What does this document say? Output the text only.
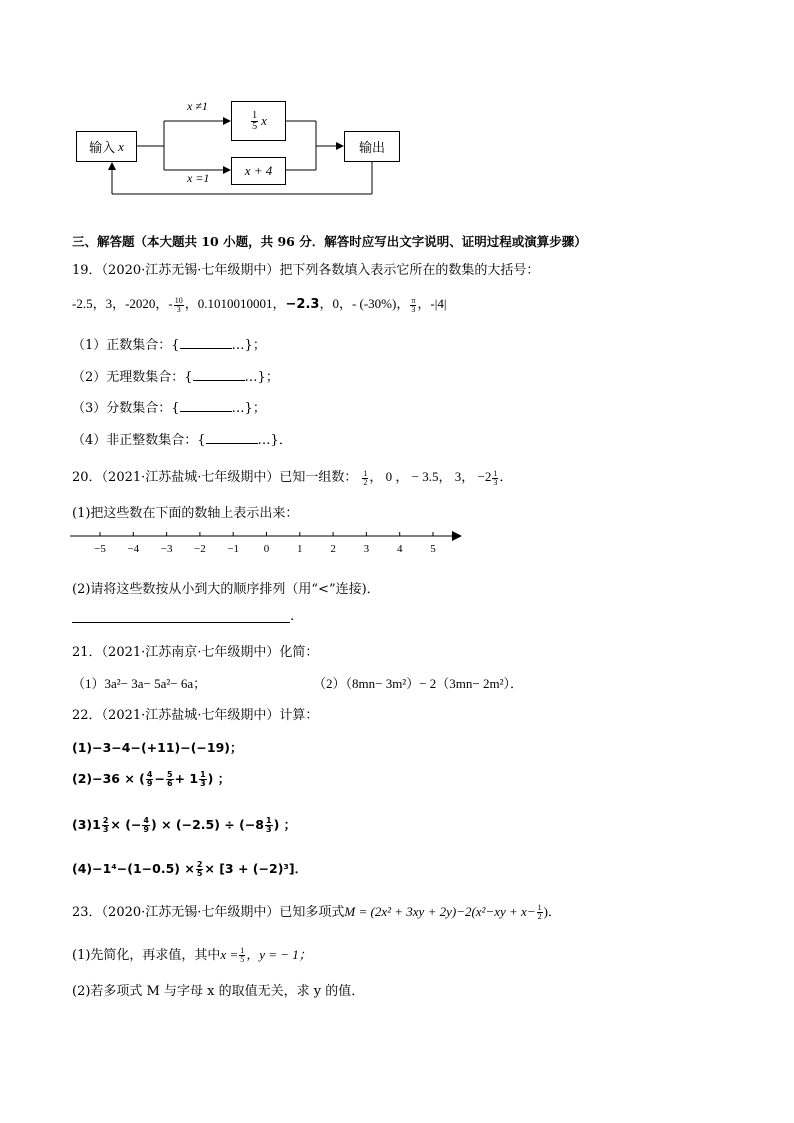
输入 x
x ≠1
x =1
$\frac{1}{5}$ x
x + 4
输出
三、解答题（本大题共 10 小题，共 96 分．解答时应写出文字说明、证明过程或演算步骤）
19．（2020·江苏无锡·七年级期中）把下列各数填入表示它所在的数集的大括号：
-2.5，3，-2020，- $\frac{10}{3}$ ，0.1010010001，−2.3，0，- (-30%)， $\frac{\pi}{3}$ ，-|4|
（1）正数集合：{	…}；
（2）无理数集合：{	…}；
（3）分数集合：{	…}；
（4）非正整数集合：{	…}．
20．（2021·江苏盐城·七年级期中）已知一组数： $\frac{1}{2}$ ， 0 ， − 3.5， 3， $-2 \frac{1}{3}$ ．
(1)把这些数在下面的数轴上表示出来：
−5 −4 −3 −2 −1 0	1	2	3	4	5
(2)请将这些数按从小到大的顺序排列（用“<”连接)．
.
21．（2021·江苏南京·七年级期中）化简：
（1）3a²− 3a− 5a²− 6a；	（2）（8mn− 3m²）− 2（3mn− 2m²）．
22．（2021·江苏盐城·七年级期中）计算：
(1)−3−4−(+11)−(−19)；
(2)−36 × ( $\frac{4}{9} - \frac{5}{6} + 1 \frac{1}{3}$ ) ；
$(3)1 \frac{2}{3}$ × (− $\frac{4}{9}$ ) × $(-2.5) \div (-8 \frac{1}{3}$ ) ；
$(4)-1^4-(1-0.5) \times \frac{2}{5} \times [3 + (-2)^3]$．
23．（2020·江苏无锡·七年级期中）已知多项式$M = (2x^2 + 3xy + 2y)-2(x^2-xy + x- \frac{1}{2}$ )．
(1)先简化，再求值，其中$x = \frac{1}{5}$ ，y = − 1；
(2)若多项式 M 与字母 x 的取值无关，求 y 的值．
